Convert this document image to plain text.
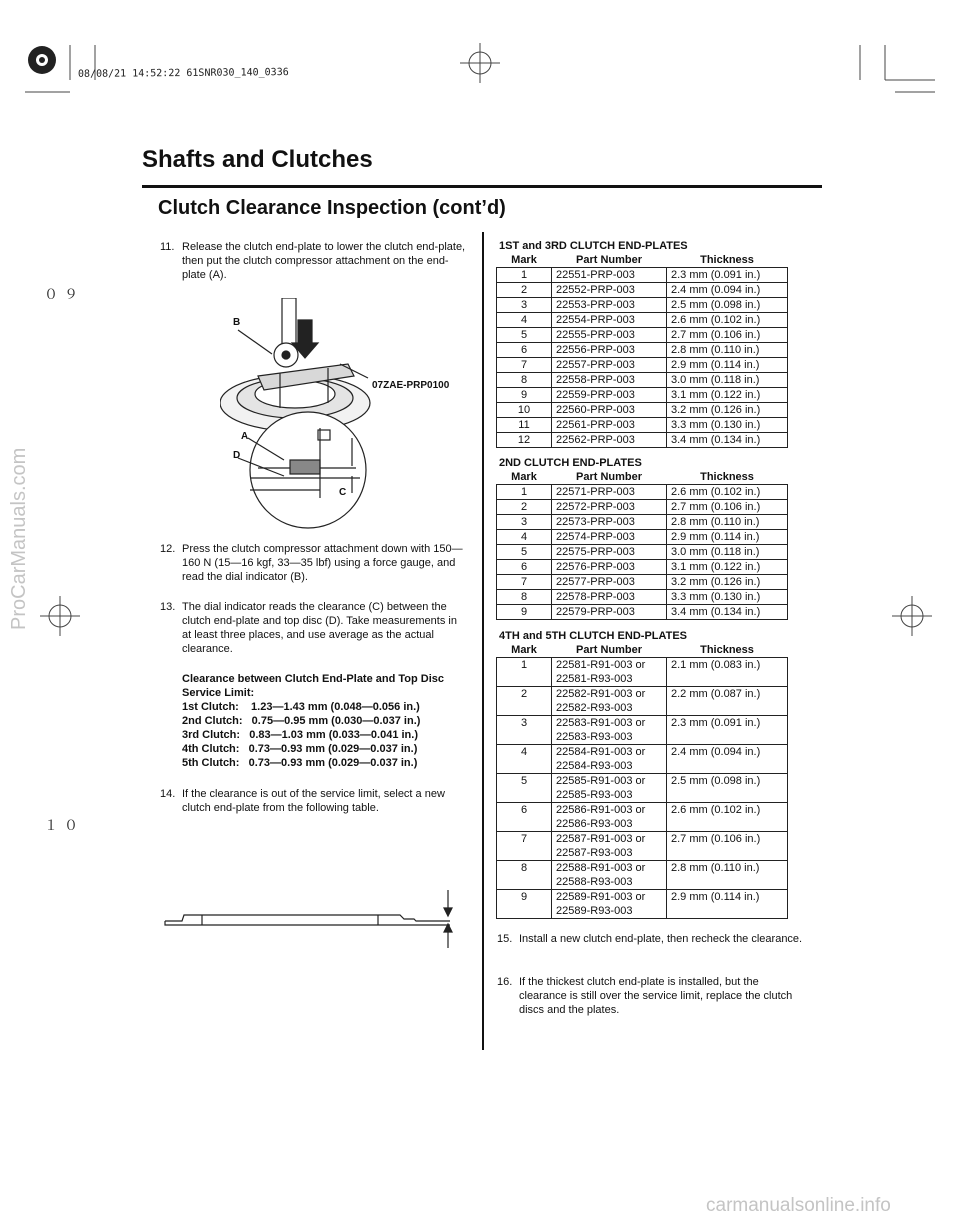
08/08/21 14:52:22 61SNR030_140_0336
０９
１０
ProCarManuals.com
carmanualsonline.info
Shafts and Clutches
Clutch Clearance Inspection (cont’d)
11. Release the clutch end-plate to lower the clutch end-plate, then put the clutch compressor attachment on the end-plate (A).
B
07ZAE-PRP0100
A
D
C
12. Press the clutch compressor attachment down with 150—160 N (15—16 kgf, 33—35 lbf) using a force gauge, and read the dial indicator (B).
13. The dial indicator reads the clearance (C) between the clutch end-plate and top disc (D). Take measurements in at least three places, and use average as the actual clearance.
Clearance between Clutch End-Plate and Top Disc
Service Limit:
1st Clutch:    1.23—1.43 mm (0.048—0.056 in.)
2nd Clutch:   0.75—0.95 mm (0.030—0.037 in.)
3rd Clutch:   0.83—1.03 mm (0.033—0.041 in.)
4th Clutch:   0.73—0.93 mm (0.029—0.037 in.)
5th Clutch:   0.73—0.93 mm (0.029—0.037 in.)
14. If the clearance is out of the service limit, select a new clutch end-plate from the following table.
1ST and 3RD CLUTCH END-PLATES
Mark	Part Number	Thickness
1	22551-PRP-003	2.3 mm (0.091 in.)
2	22552-PRP-003	2.4 mm (0.094 in.)
3	22553-PRP-003	2.5 mm (0.098 in.)
4	22554-PRP-003	2.6 mm (0.102 in.)
5	22555-PRP-003	2.7 mm (0.106 in.)
6	22556-PRP-003	2.8 mm (0.110 in.)
7	22557-PRP-003	2.9 mm (0.114 in.)
8	22558-PRP-003	3.0 mm (0.118 in.)
9	22559-PRP-003	3.1 mm (0.122 in.)
10	22560-PRP-003	3.2 mm (0.126 in.)
11	22561-PRP-003	3.3 mm (0.130 in.)
12	22562-PRP-003	3.4 mm (0.134 in.)
2ND CLUTCH END-PLATES
Mark	Part Number	Thickness
1	22571-PRP-003	2.6 mm (0.102 in.)
2	22572-PRP-003	2.7 mm (0.106 in.)
3	22573-PRP-003	2.8 mm (0.110 in.)
4	22574-PRP-003	2.9 mm (0.114 in.)
5	22575-PRP-003	3.0 mm (0.118 in.)
6	22576-PRP-003	3.1 mm (0.122 in.)
7	22577-PRP-003	3.2 mm (0.126 in.)
8	22578-PRP-003	3.3 mm (0.130 in.)
9	22579-PRP-003	3.4 mm (0.134 in.)
4TH and 5TH CLUTCH END-PLATES
Mark	Part Number	Thickness
1	22581-R91-003 or
22581-R93-003	2.1 mm (0.083 in.)
2	22582-R91-003 or
22582-R93-003	2.2 mm (0.087 in.)
3	22583-R91-003 or
22583-R93-003	2.3 mm (0.091 in.)
4	22584-R91-003 or
22584-R93-003	2.4 mm (0.094 in.)
5	22585-R91-003 or
22585-R93-003	2.5 mm (0.098 in.)
6	22586-R91-003 or
22586-R93-003	2.6 mm (0.102 in.)
7	22587-R91-003 or
22587-R93-003	2.7 mm (0.106 in.)
8	22588-R91-003 or
22588-R93-003	2.8 mm (0.110 in.)
9	22589-R91-003 or
22589-R93-003	2.9 mm (0.114 in.)
15. Install a new clutch end-plate, then recheck the clearance.
16. If the thickest clutch end-plate is installed, but the clearance is still over the service limit, replace the clutch discs and the plates.
